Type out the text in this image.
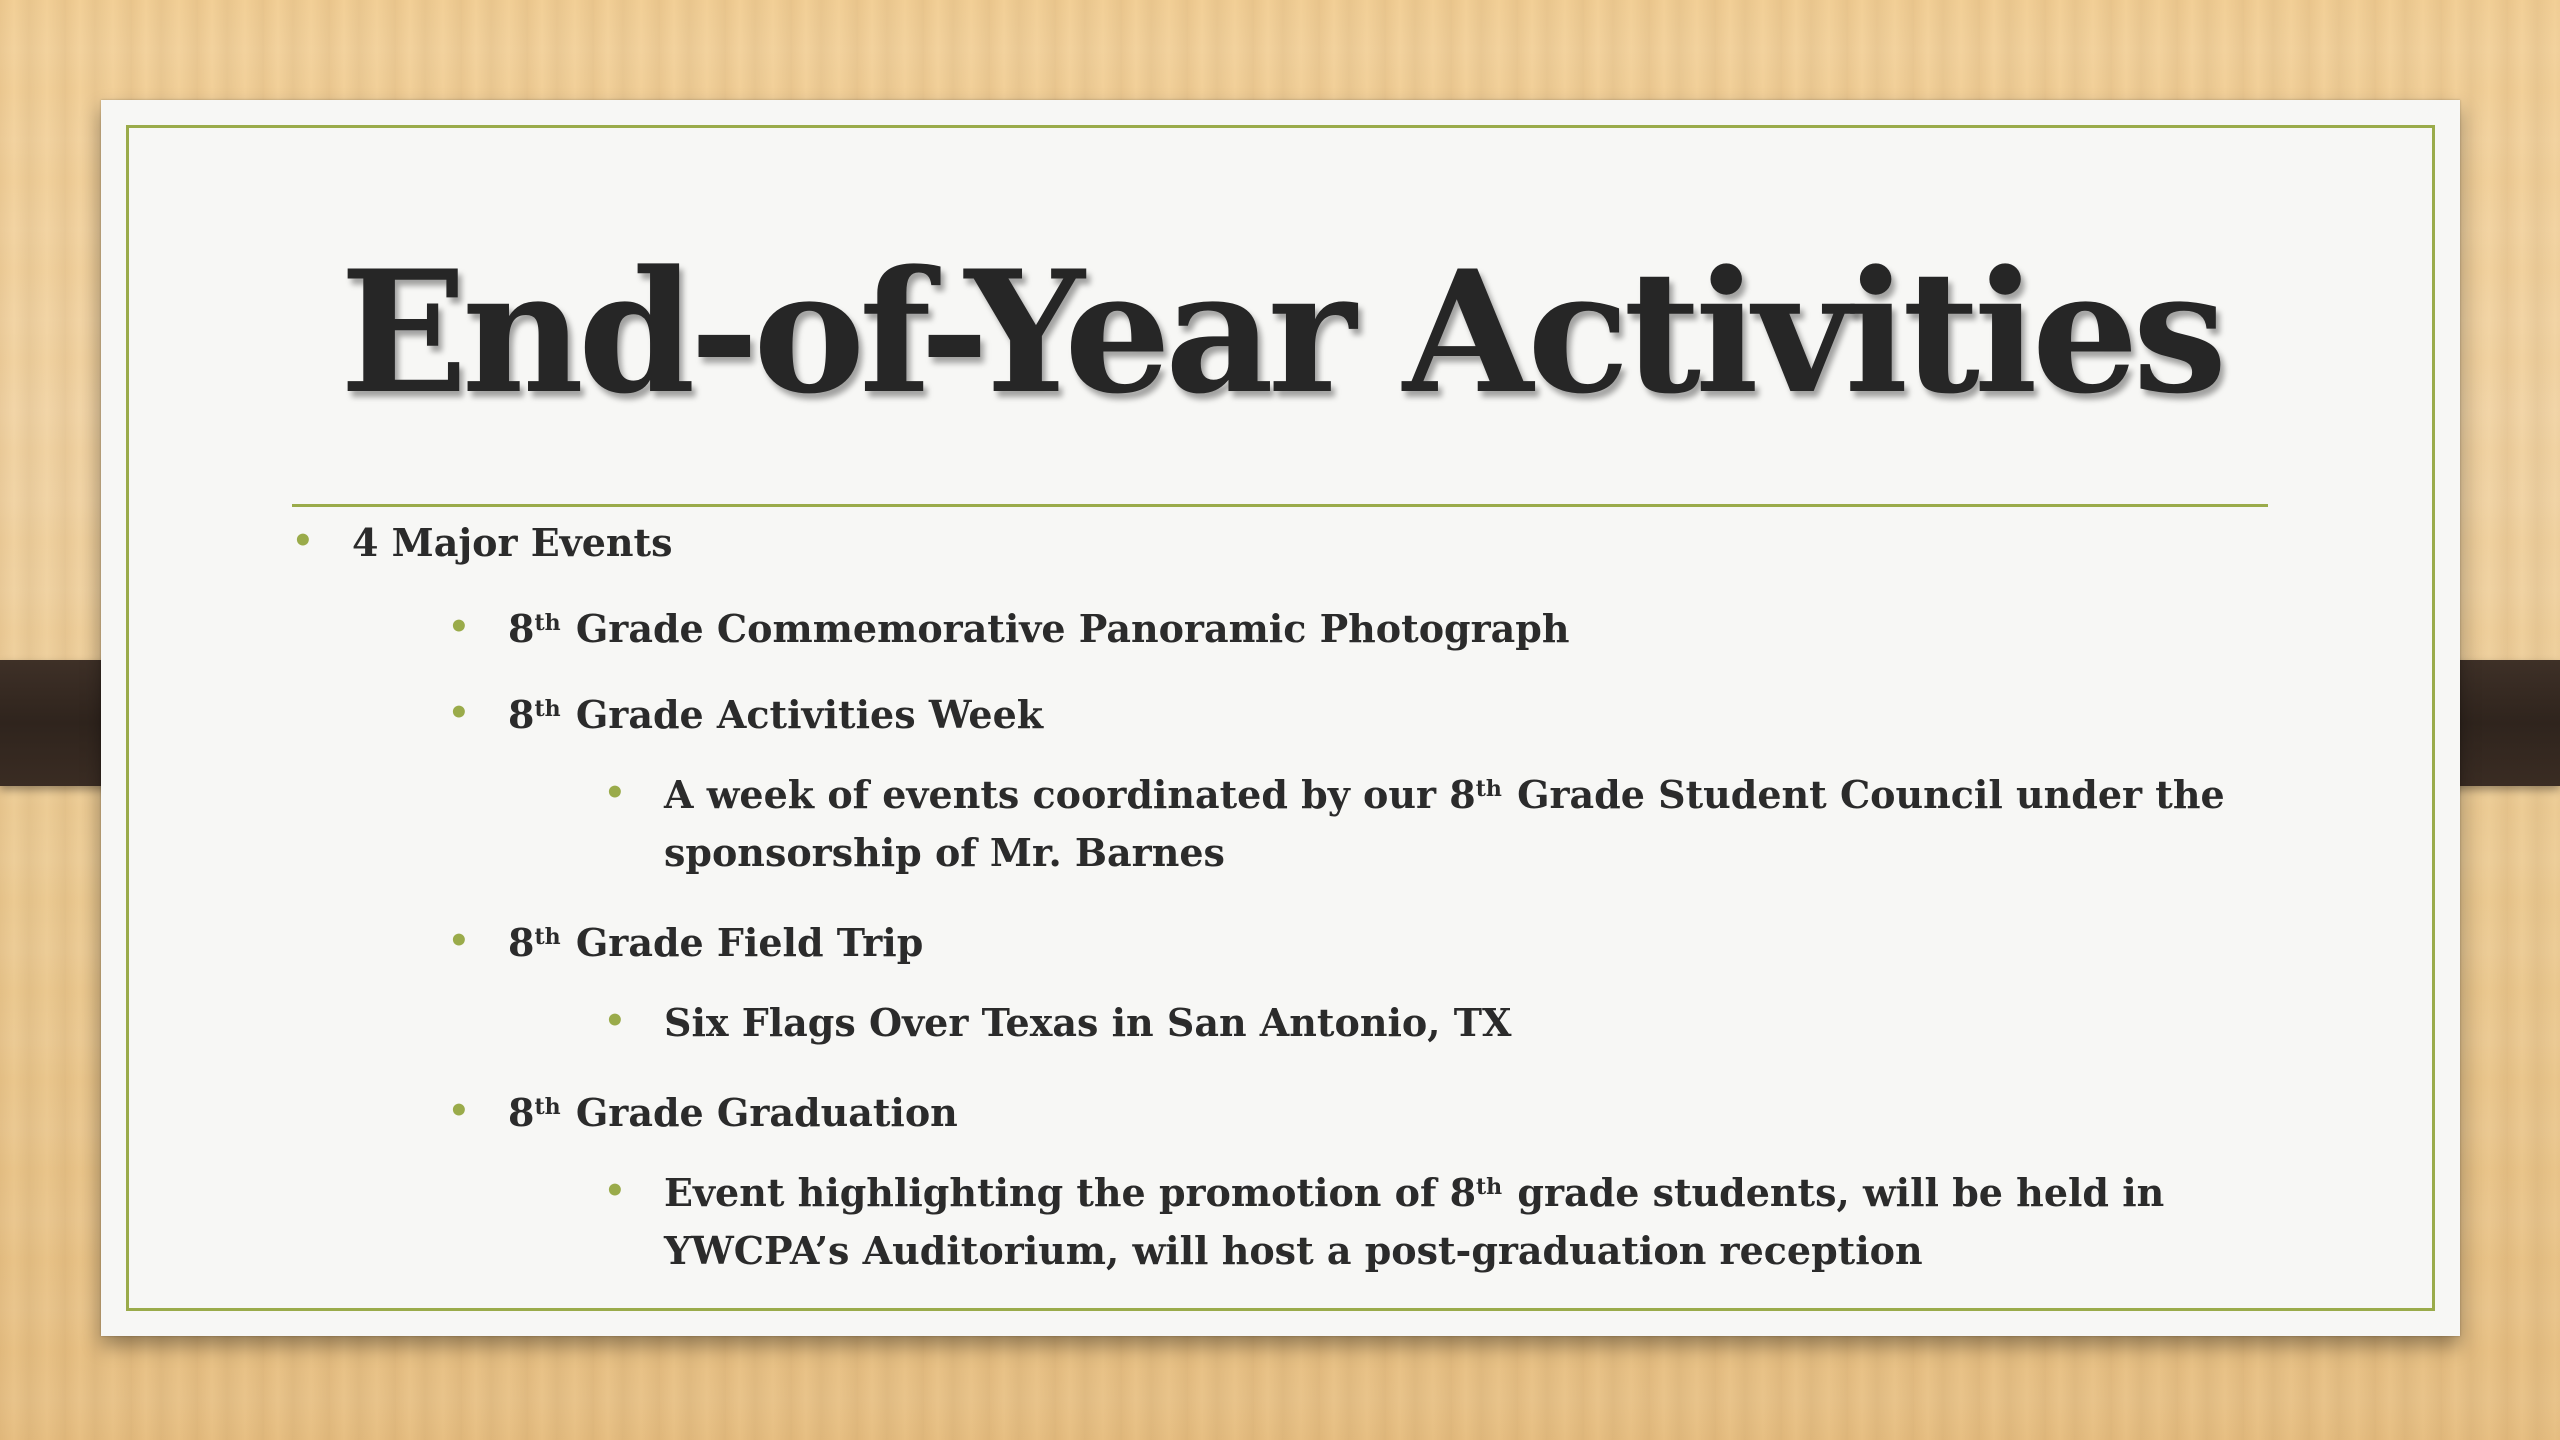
End-of-Year Activities
• 4 Major Events
• 8th Grade Commemorative Panoramic Photograph
• 8th Grade Activities Week
• A week of events coordinated by our 8th Grade Student Council under the sponsorship of Mr. Barnes
• 8th Grade Field Trip
• Six Flags Over Texas in San Antonio, TX
• 8th Grade Graduation
• Event highlighting the promotion of 8th grade students, will be held in YWCPA’s Auditorium, will host a post-graduation reception
